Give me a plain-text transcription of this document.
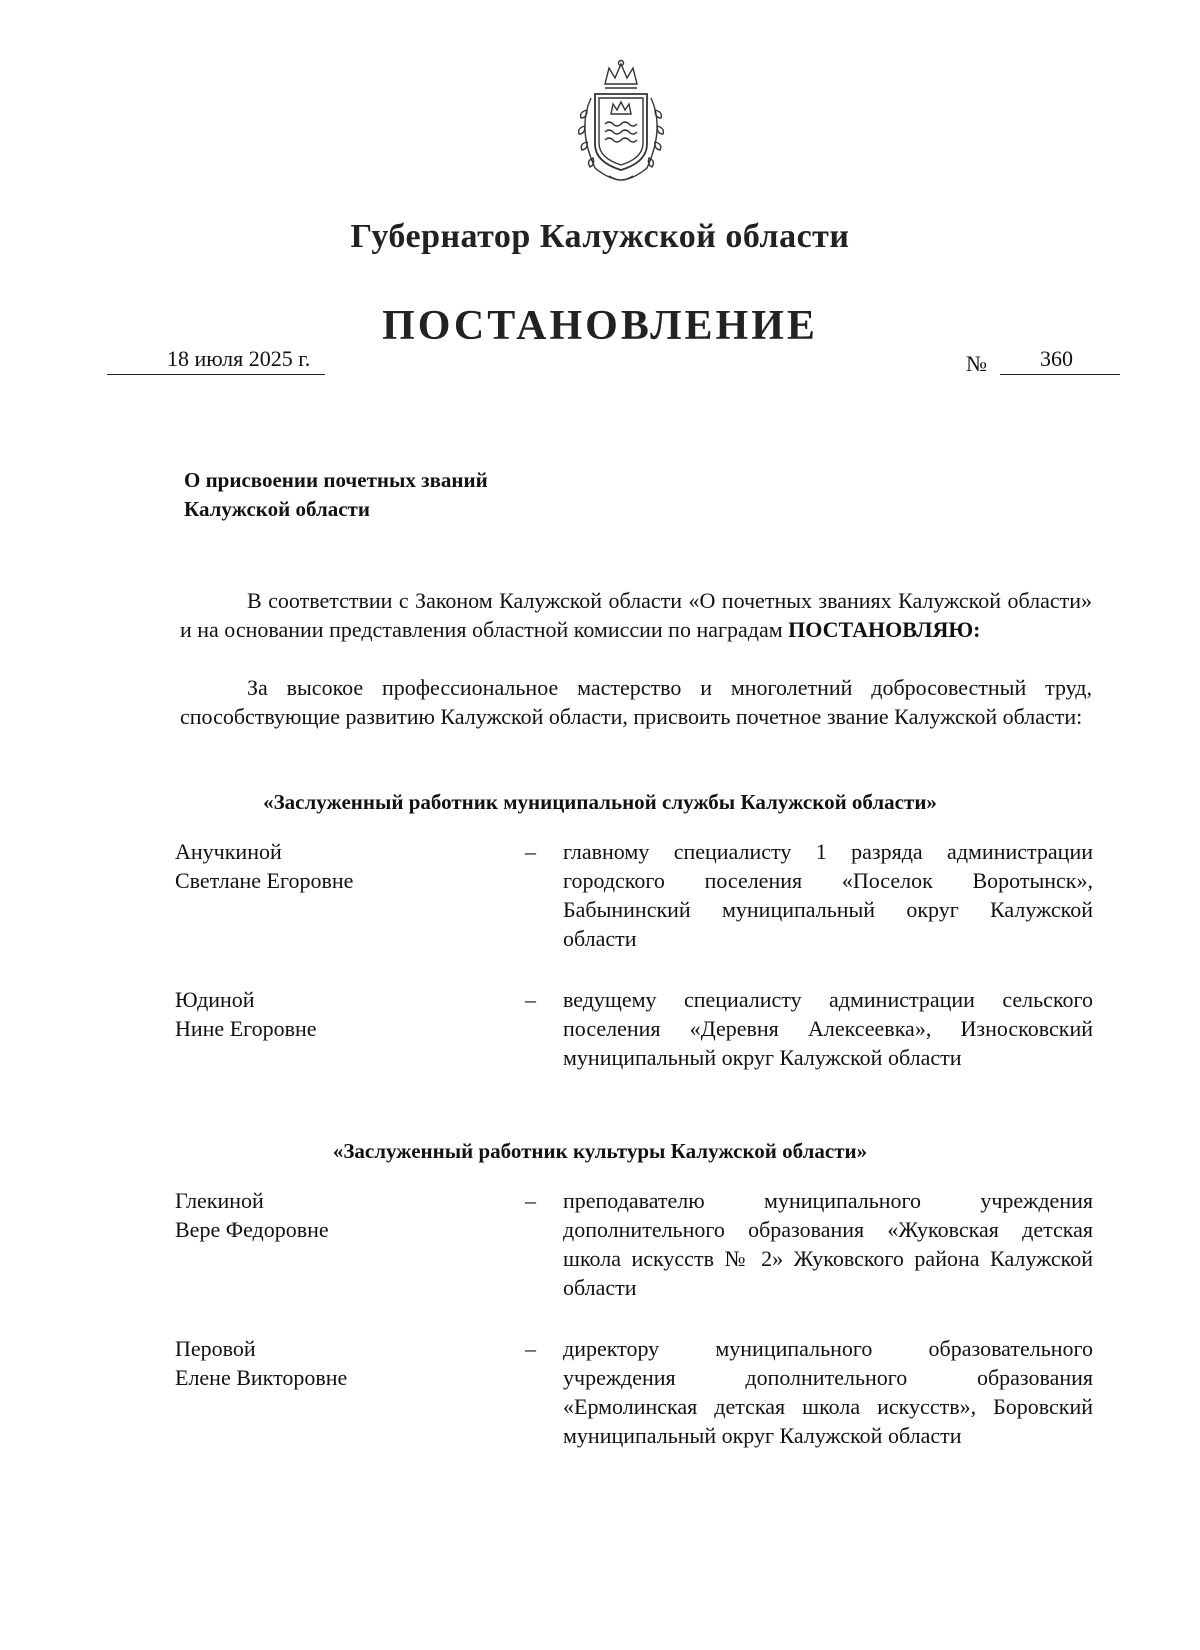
Губернатор Калужской области
ПОСТАНОВЛЕНИЕ
18 июля 2025 г.	№ 360
О присвоении почетных званий
Калужской области
В соответствии с Законом Калужской области «О почетных званиях Калужской области» и на основании представления областной комиссии по наградам ПОСТАНОВЛЯЮ:
За высокое профессиональное мастерство и многолетний добросовестный труд, способствующие развитию Калужской области, присвоить почетное звание Калужской области:
«Заслуженный работник муниципальной службы Калужской области»
Анучкиной
Светлане Егоровне
– главному специалисту 1 разряда администрации городского поселения «Поселок Воротынск», Бабынинский муниципальный округ Калужской области
Юдиной
Нине Егоровне
– ведущему специалисту администрации сельского поселения «Деревня Алексеевка», Износковский муниципальный округ Калужской области
«Заслуженный работник культуры Калужской области»
Глекиной
Вере Федоровне
– преподавателю муниципального учреждения дополнительного образования «Жуковская детская школа искусств № 2» Жуковского района Калужской области
Перовой
Елене Викторовне
– директору муниципального образовательного учреждения дополнительного образования «Ермолинская детская школа искусств», Боровский муниципальный округ Калужской области
